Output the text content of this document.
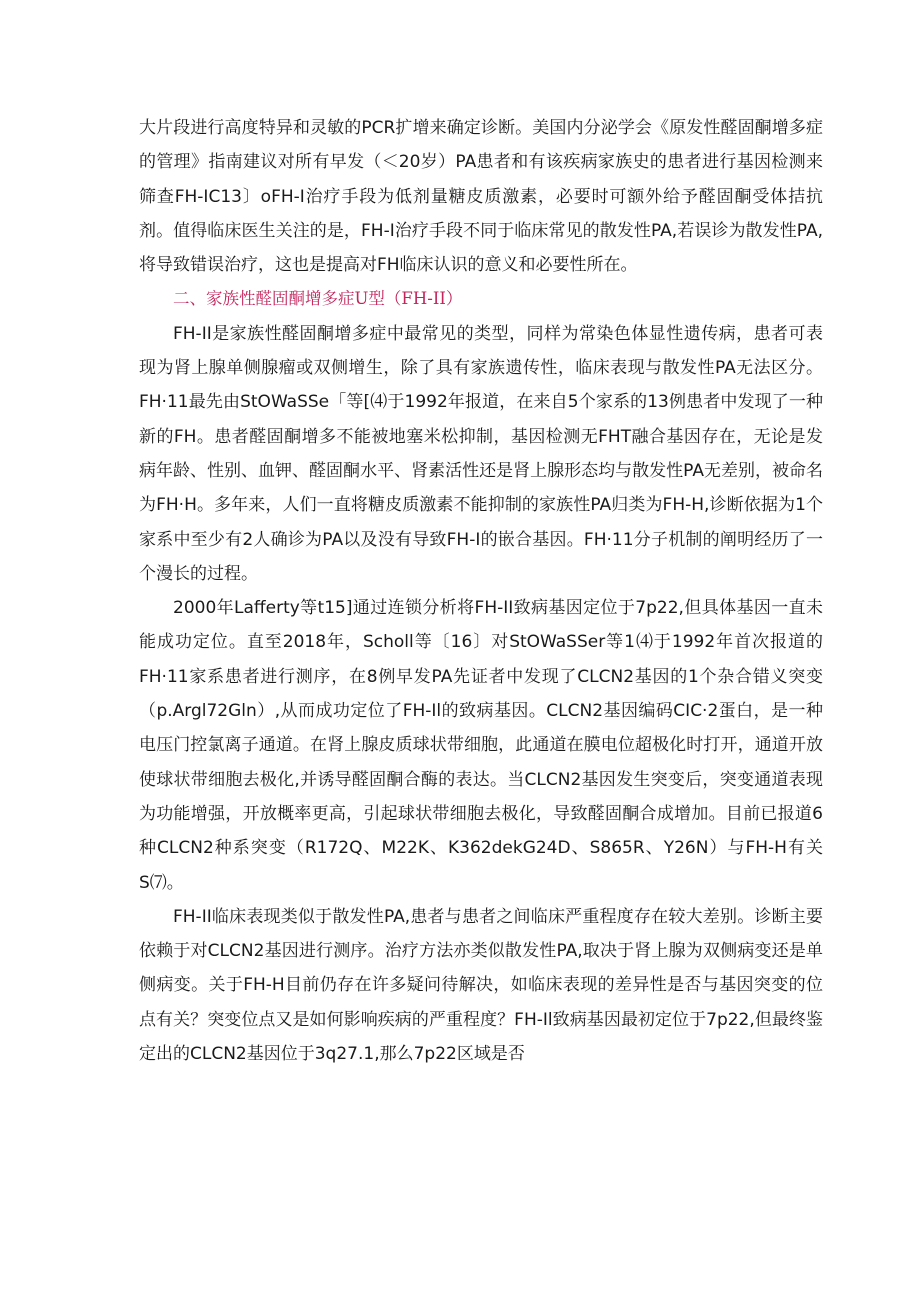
大片段进行高度特异和灵敏的PCR扩增来确定诊断。美国内分泌学会《原发性醛固酮增多症的管理》指南建议对所有早发（＜20岁）PA患者和有该疾病家族史的患者进行基因检测来筛查FH-IC13〕oFH-I治疗手段为低剂量糖皮质激素，必要时可额外给予醛固酮受体拮抗剂。值得临床医生关注的是，FH-I治疗手段不同于临床常见的散发性PA,若误诊为散发性PA,将导致错误治疗，这也是提高对FH临床认识的意义和必要性所在。

二、家族性醛固酮增多症U型（FH-II）

FH-II是家族性醛固酮增多症中最常见的类型，同样为常染色体显性遗传病，患者可表现为肾上腺单侧腺瘤或双侧增生，除了具有家族遗传性，临床表现与散发性PA无法区分。FH·11最先由StOWaSSe「等[⑷于1992年报道，在来自5个家系的13例患者中发现了一种新的FH。患者醛固酮增多不能被地塞米松抑制，基因检测无FHT融合基因存在，无论是发病年龄、性别、血钾、醛固酮水平、肾素活性还是肾上腺形态均与散发性PA无差别，被命名为FH·H。多年来，人们一直将糖皮质激素不能抑制的家族性PA归类为FH-H,诊断依据为1个家系中至少有2人确诊为PA以及没有导致FH-I的嵌合基因。FH·11分子机制的阐明经历了一个漫长的过程。

2000年Lafferty等t15]通过连锁分析将FH-II致病基因定位于7p22,但具体基因一直未能成功定位。直至2018年，Scholl等〔16〕对StOWaSSer等1⑷于1992年首次报道的FH·11家系患者进行测序，在8例早发PA先证者中发现了CLCN2基因的1个杂合错义突变（p.Argl72Gln）,从而成功定位了FH-Il的致病基因。CLCN2基因编码CIC·2蛋白，是一种电压门控氯离子通道。在肾上腺皮质球状带细胞，此通道在膜电位超极化时打开，通道开放使球状带细胞去极化,并诱导醛固酮合酶的表达。当CLCN2基因发生突变后，突变通道表现为功能增强，开放概率更高，引起球状带细胞去极化，导致醛固酮合成增加。目前已报道6种CLCN2种系突变（R172Q、M22K、K362dekG24D、S865R、Y26N）与FH-H有关S⑺。

FH-II临床表现类似于散发性PA,患者与患者之间临床严重程度存在较大差别。诊断主要依赖于对CLCN2基因进行测序。治疗方法亦类似散发性PA,取决于肾上腺为双侧病变还是单侧病变。关于FH-H目前仍存在许多疑问待解决，如临床表现的差异性是否与基因突变的位点有关？突变位点又是如何影响疾病的严重程度？FH-Il致病基因最初定位于7p22,但最终鉴定出的CLCN2基因位于3q27.1,那么7p22区域是否
